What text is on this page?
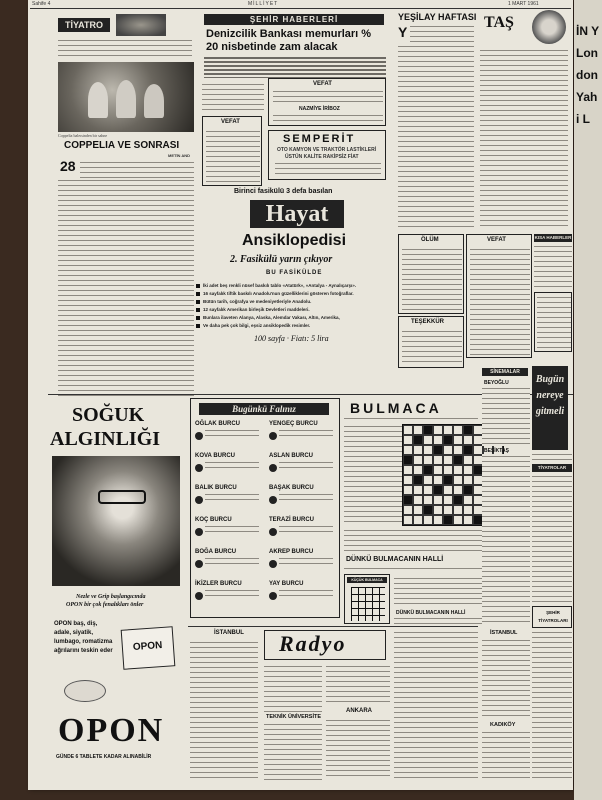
Sahife 4	MİLLİYET	1 MART 1961
TİYATRO
Coppelia baleısinden bir sahne
COPPELIA VE SONRASI
METİN AND
28
ŞEHİR HABERLERİ
Denizcilik Bankası memurları % 20 nisbetinde zam alacak
VEFAT
VEFAT
NAZMİYE İRİBOZ
SEMPERİT
OTO KAMYON VE TRAKTÖR LASTİKLERİ
ÜSTÜN KALİTE RAKİPSİZ FİAT
Birinci fasikülü 3 defa basılan
Hayat
Ansiklopedisi
2. Fasikülü yarın çıkıyor
BU FASİKÜLDE
İki adet beş renkli nüsef baskılı tablo «Atatürk», «Antalya - Aynalıçarşı».
16 sayfalık tiftik baskılı Anadolu'nun güzelliklerini gösteren fotoğraflar.
Bütün tarih, coğrafya ve medeniyetleriyle Anadolu.
12 sayfalık Amerikan birleşik Devletleri maddeleri.
Bunlara ilaveten Alanya, Alaska, Alemdar Vakası, Altın, Amerika,
Ve daha pek çok bilgi, eşsiz ansiklopedik resimler.
100 sayfa · Fiatı: 5 lira
YEŞİLAY HAFTASI
Y
TAŞ
ÖLÜM	VEFAT	KISA HABERLER
TEŞEKKÜR
SOĞUK
ALGINLIĞI
Nezle ve Grip başlangıcında
OPON bir çok fenalıkları önler
OPON baş, diş, adale, siyatik, lumbago, romatizma ağrılarını teskin eder	OPON
OPON
GÜNDE 6 TABLETE KADAR ALINABİLİR
Bugünkü Falınız
OĞLAK BURCU
KOVA BURCU
BALIK BURCU
KOÇ BURCU
BOĞA BURCU
İKİZLER BURCU
YENGEÇ BURCU
ASLAN BURCU
BAŞAK BURCU
TERAZİ BURCU
AKREP BURCU
YAY BURCU
BULMACA
DÜNKÜ BULMACANIN HALLİ
KÜÇÜK BULMACA
DÜNKÜ BULMACANIN HALLİ
SİNEMALAR
BEYOĞLU
BEŞİKTAŞ
Bugün
nereye
gitmeli
TİYATROLAR
ŞEHİR TİYATROLARI
İSTANBUL Radyo
TEKNİK ÜNİVERSİTE
ANKARA
İSTANBUL
KADIKÖY
İN Y London Yahi L
